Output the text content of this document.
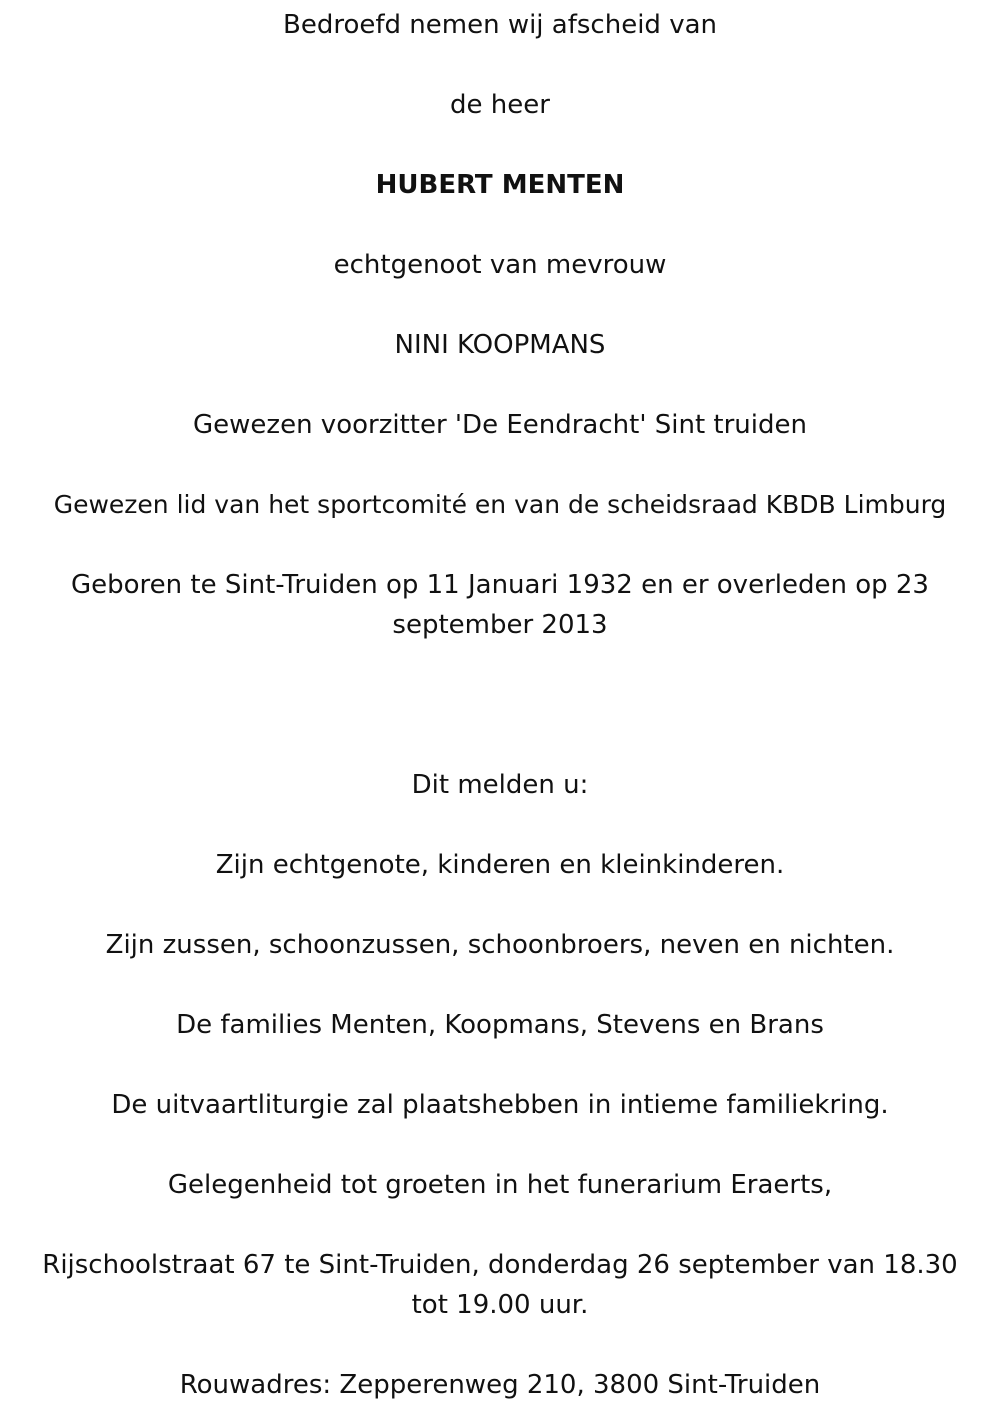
Bedroefd nemen wij afscheid van
de heer
HUBERT MENTEN
echtgenoot van mevrouw
NINI KOOPMANS
Gewezen voorzitter 'De Eendracht' Sint truiden
Gewezen lid van het sportcomité en van de scheidsraad KBDB Limburg
Geboren te Sint-Truiden op 11 Januari 1932 en er overleden op 23 september 2013
Dit melden u:
Zijn echtgenote, kinderen en kleinkinderen.
Zijn zussen, schoonzussen, schoonbroers, neven en nichten.
De families Menten, Koopmans, Stevens en Brans
De uitvaartliturgie zal plaatshebben in intieme familiekring.
Gelegenheid tot groeten in het funerarium Eraerts,
Rijschoolstraat 67 te Sint-Truiden, donderdag 26 september van 18.30 tot 19.00 uur.
Rouwadres: Zepperenweg 210, 3800 Sint-Truiden
